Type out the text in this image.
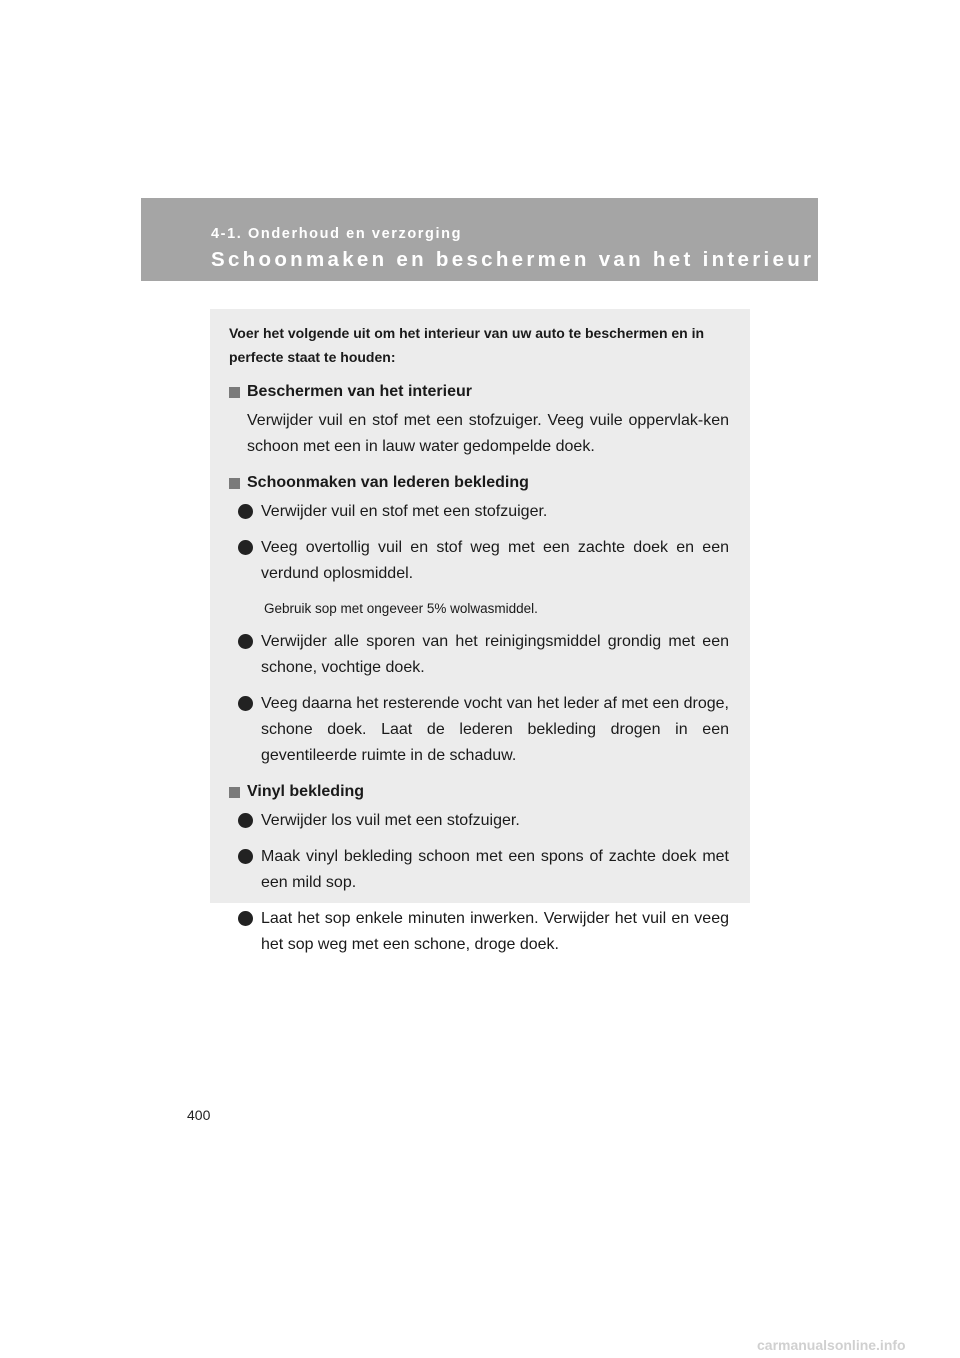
4-1. Onderhoud en verzorging
Schoonmaken en beschermen van het interieur

Voer het volgende uit om het interieur van uw auto te beschermen en in perfecte staat te houden:

Beschermen van het interieur
Verwijder vuil en stof met een stofzuiger. Veeg vuile oppervlak-ken schoon met een in lauw water gedompelde doek.
Schoonmaken van lederen bekleding
Verwijder vuil en stof met een stofzuiger.
Veeg overtollig vuil en stof weg met een zachte doek en een verdund oplosmiddel.
Gebruik sop met ongeveer 5% wolwasmiddel.
Verwijder alle sporen van het reinigingsmiddel grondig met een schone, vochtige doek.
Veeg daarna het resterende vocht van het leder af met een droge, schone doek. Laat de lederen bekleding drogen in een geventileerde ruimte in de schaduw.
Vinyl bekleding
Verwijder los vuil met een stofzuiger.
Maak vinyl bekleding schoon met een spons of zachte doek met een mild sop.
Laat het sop enkele minuten inwerken. Verwijder het vuil en veeg het sop weg met een schone, droge doek.
400
carmanualsonline.info
